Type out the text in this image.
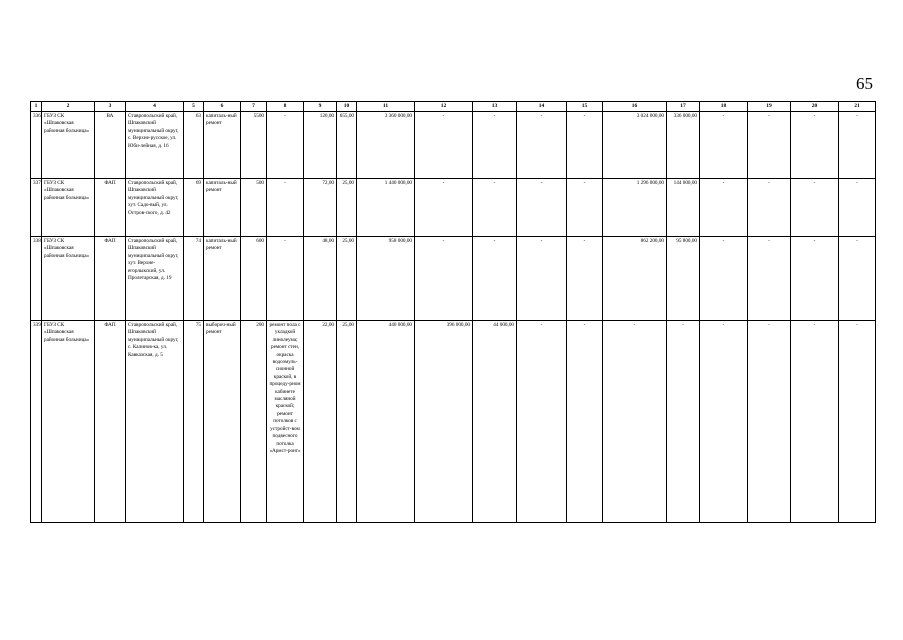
65
1	2	3	4	5	6	7	8	9	10	11	12	13	14	15	16	17	18	19	20	21
336	ГБУЗ СК «Шпаковская районная больница»	ВА	Ставропольский край, Шпаковский муниципальный округ, с. Верхне-русское, ул. Юби-лейная, д. 16	63	капиталь-ный ремонт	5500	-	120,00	655,00	3 360 000,00	-	-	-	-	3 024 000,00	336 000,00	-	-	-	-
337	ГБУЗ СК «Шпаковская районная больница»	ФАП	Ставропольский край, Шпаковский муниципальный округ, хут. Садо-вый, ул. Остров-ского, д. 42	69	капиталь-ный ремонт	500	-	72,00	25,00	1 440 000,00	-	-	-	-	1 296 000,00	144 000,00	-	-	-	-
338	ГБУЗ СК «Шпаковская районная больница»	ФАП	Ставропольский край, Шпаковский муниципальный округ, хут. Верхне-егорлыкский, ул. Пролетарская, д. 19	74	капиталь-ный ремонт	600	-	48,00	25,00	958 000,00	-	-	-	-	862 200,00	95 800,00	-	-	-	-
339	ГБУЗ СК «Шпаковская районная больница»	ФАП	Ставропольский край, Шпаковский муниципальный округ, с. Калинов-ка, ул. Кавказская, д. 5	75	выбороч-ный ремонт	200	ремонт пола с укладкой линолеума; ремонт стен, окраска водоэмуль-сионной краской, в процеду-рном кабинете масляной краской; ремонт потолков с устройст-вом подвесного потолка «Армст-ронг»	22,00	25,00	440 000,00	396 000,00	44 000,00	-	-	-	-	-	-	-	-
